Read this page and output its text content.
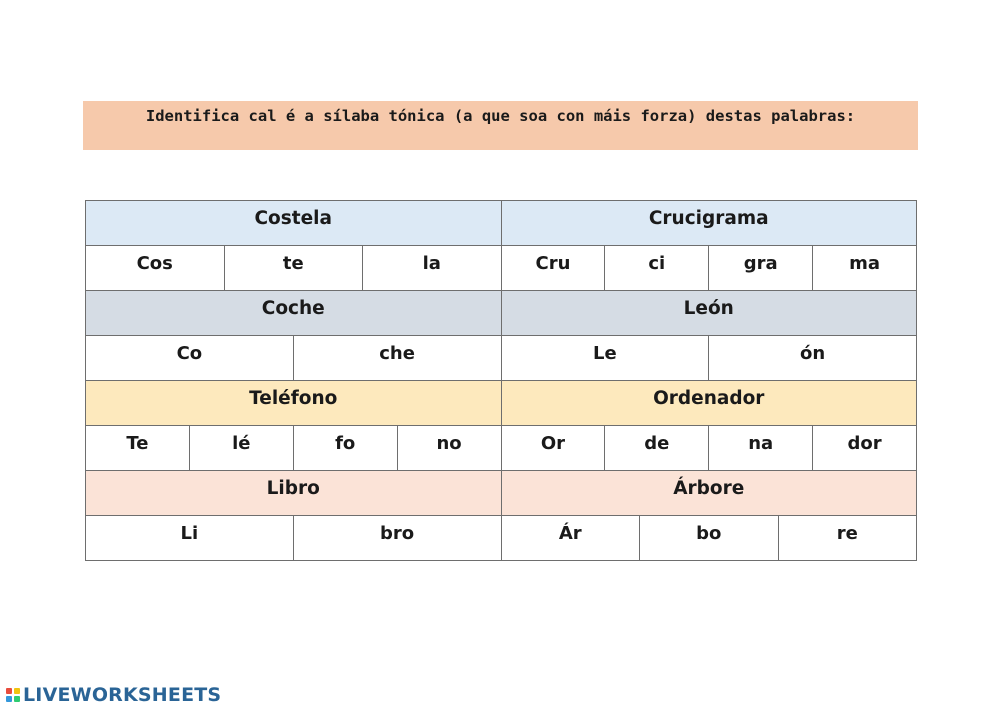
Identifica cal é a sílaba tónica (a que soa con máis forza) destas palabras:
Costela	Crucigrama
Cos	te	la	Cru	ci	gra	ma
Coche	León
Co	che	Le	ón
Teléfono	Ordenador
Te	lé	fo	no	Or	de	na	dor
Libro	Árbore
Li	bro	Ár	bo	re
LIVEWORKSHEETS
